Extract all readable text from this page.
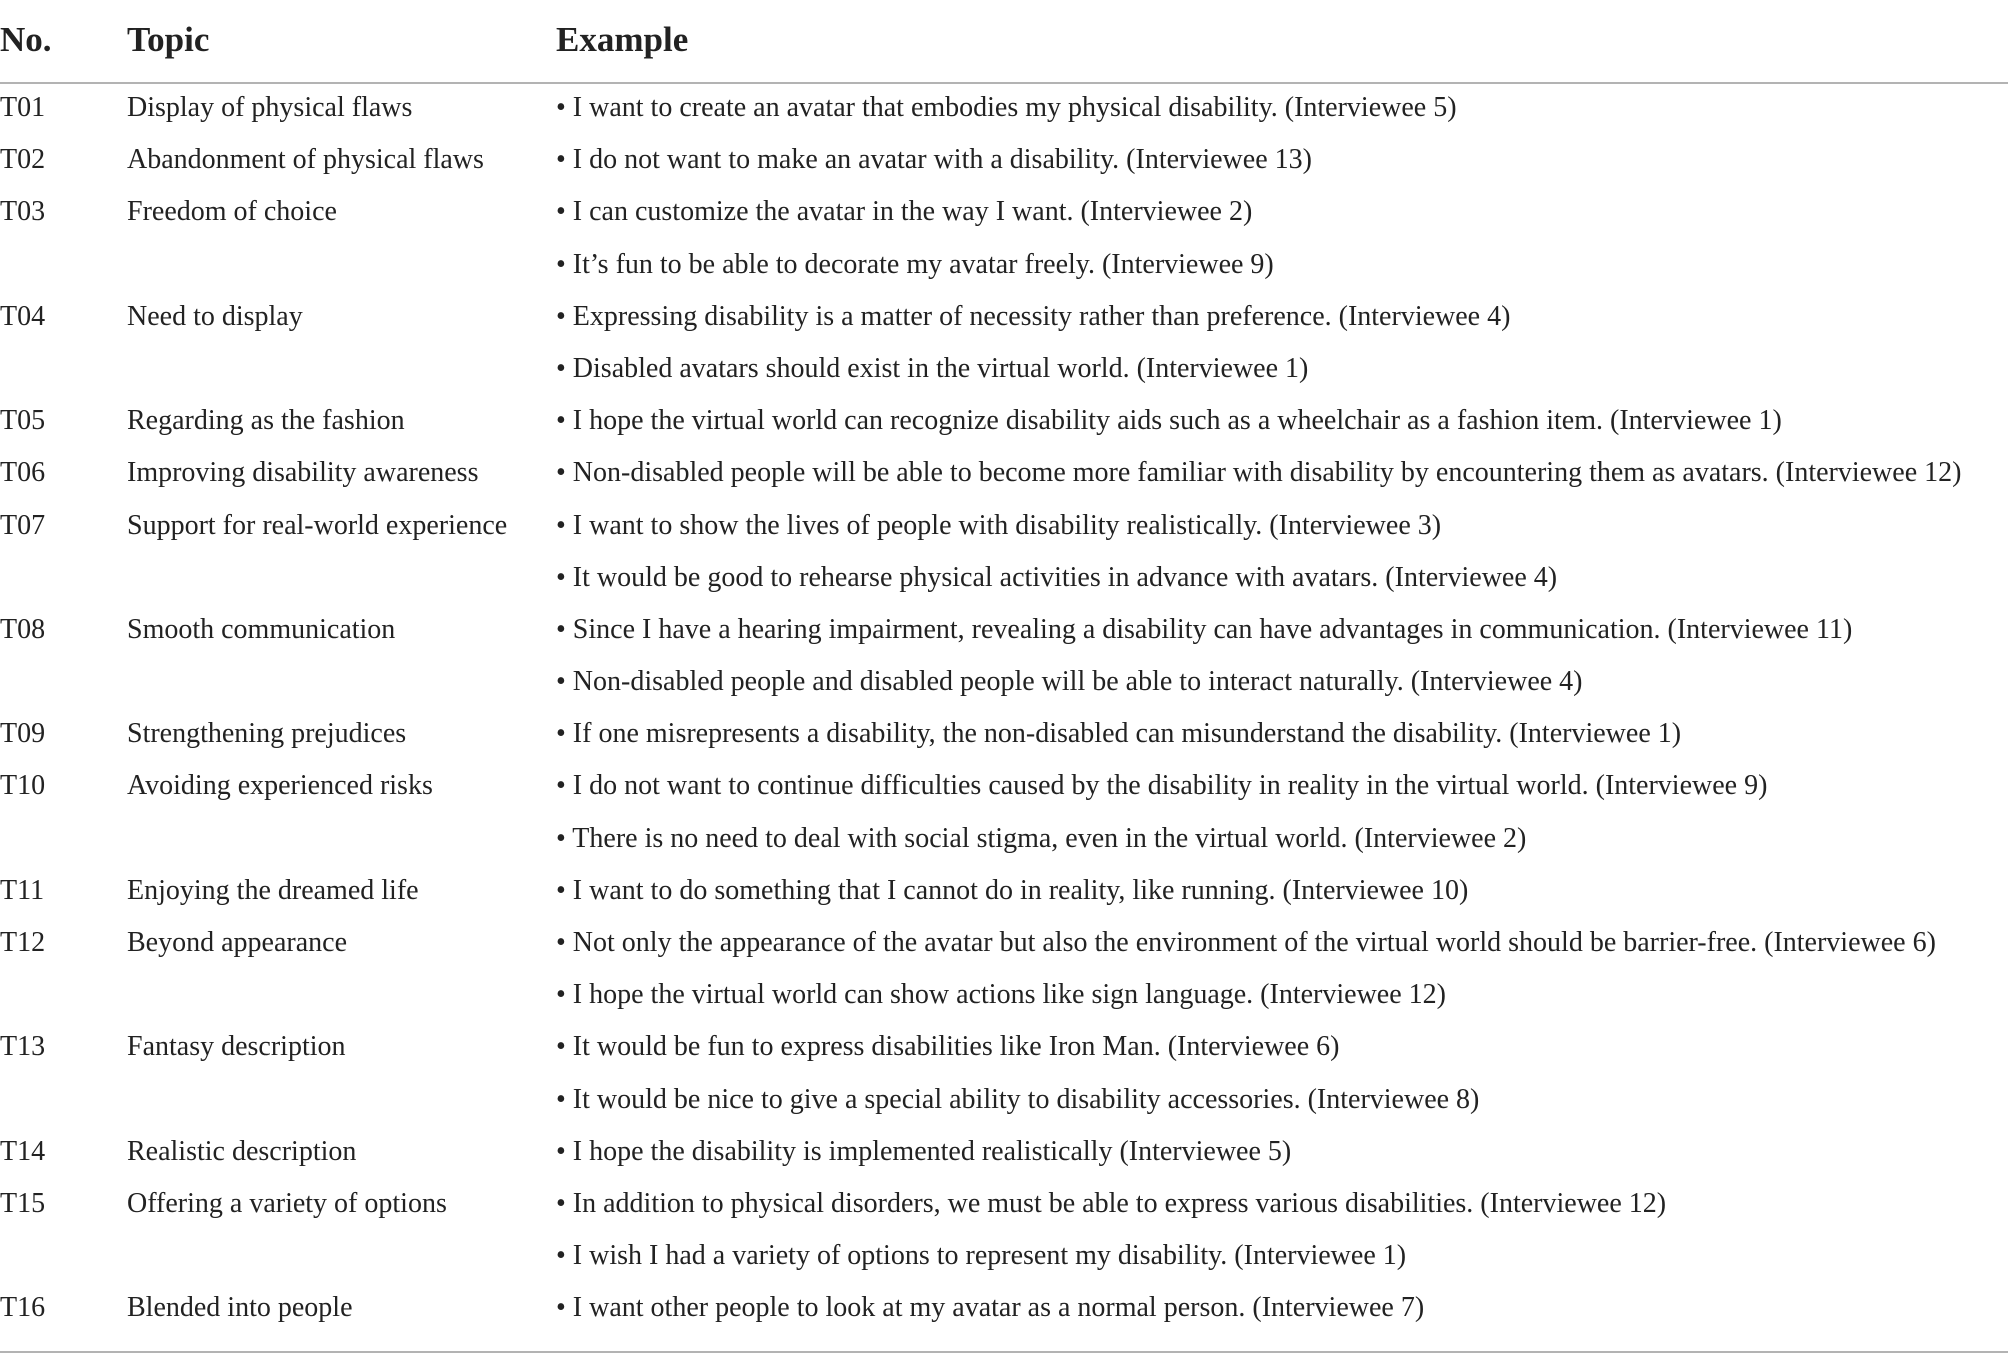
No. Topic	Example
T01	Display of physical flaws	• I want to create an avatar that embodies my physical disability. (Interviewee 5)
T02	Abandonment of physical flaws	• I do not want to make an avatar with a disability. (Interviewee 13)
T03	Freedom of choice	• I can customize the avatar in the way I want. (Interviewee 2)
• It’s fun to be able to decorate my avatar freely. (Interviewee 9)
T04	Need to display	• Expressing disability is a matter of necessity rather than preference. (Interviewee 4)
• Disabled avatars should exist in the virtual world. (Interviewee 1)
T05	Regarding as the fashion	• I hope the virtual world can recognize disability aids such as a wheelchair as a fashion item. (Interviewee 1)
T06	Improving disability awareness	• Non-disabled people will be able to become more familiar with disability by encountering them as avatars. (Interviewee 12)
T07	Support for real-world experience • I want to show the lives of people with disability realistically. (Interviewee 3)
• It would be good to rehearse physical activities in advance with avatars. (Interviewee 4)
T08	Smooth communication	• Since I have a hearing impairment, revealing a disability can have advantages in communication. (Interviewee 11)
• Non-disabled people and disabled people will be able to interact naturally. (Interviewee 4)
T09	Strengthening prejudices	• If one misrepresents a disability, the non-disabled can misunderstand the disability. (Interviewee 1)
T10	Avoiding experienced risks	• I do not want to continue difficulties caused by the disability in reality in the virtual world. (Interviewee 9)
• There is no need to deal with social stigma, even in the virtual world. (Interviewee 2)
T11	Enjoying the dreamed life	• I want to do something that I cannot do in reality, like running. (Interviewee 10)
T12	Beyond appearance	• Not only the appearance of the avatar but also the environment of the virtual world should be barrier-free. (Interviewee 6)
• I hope the virtual world can show actions like sign language. (Interviewee 12)
T13	Fantasy description	• It would be fun to express disabilities like Iron Man. (Interviewee 6)
• It would be nice to give a special ability to disability accessories. (Interviewee 8)
T14	Realistic description	• I hope the disability is implemented realistically (Interviewee 5)
T15	Offering a variety of options	• In addition to physical disorders, we must be able to express various disabilities. (Interviewee 12)
• I wish I had a variety of options to represent my disability. (Interviewee 1)
T16	Blended into people	• I want other people to look at my avatar as a normal person. (Interviewee 7)
